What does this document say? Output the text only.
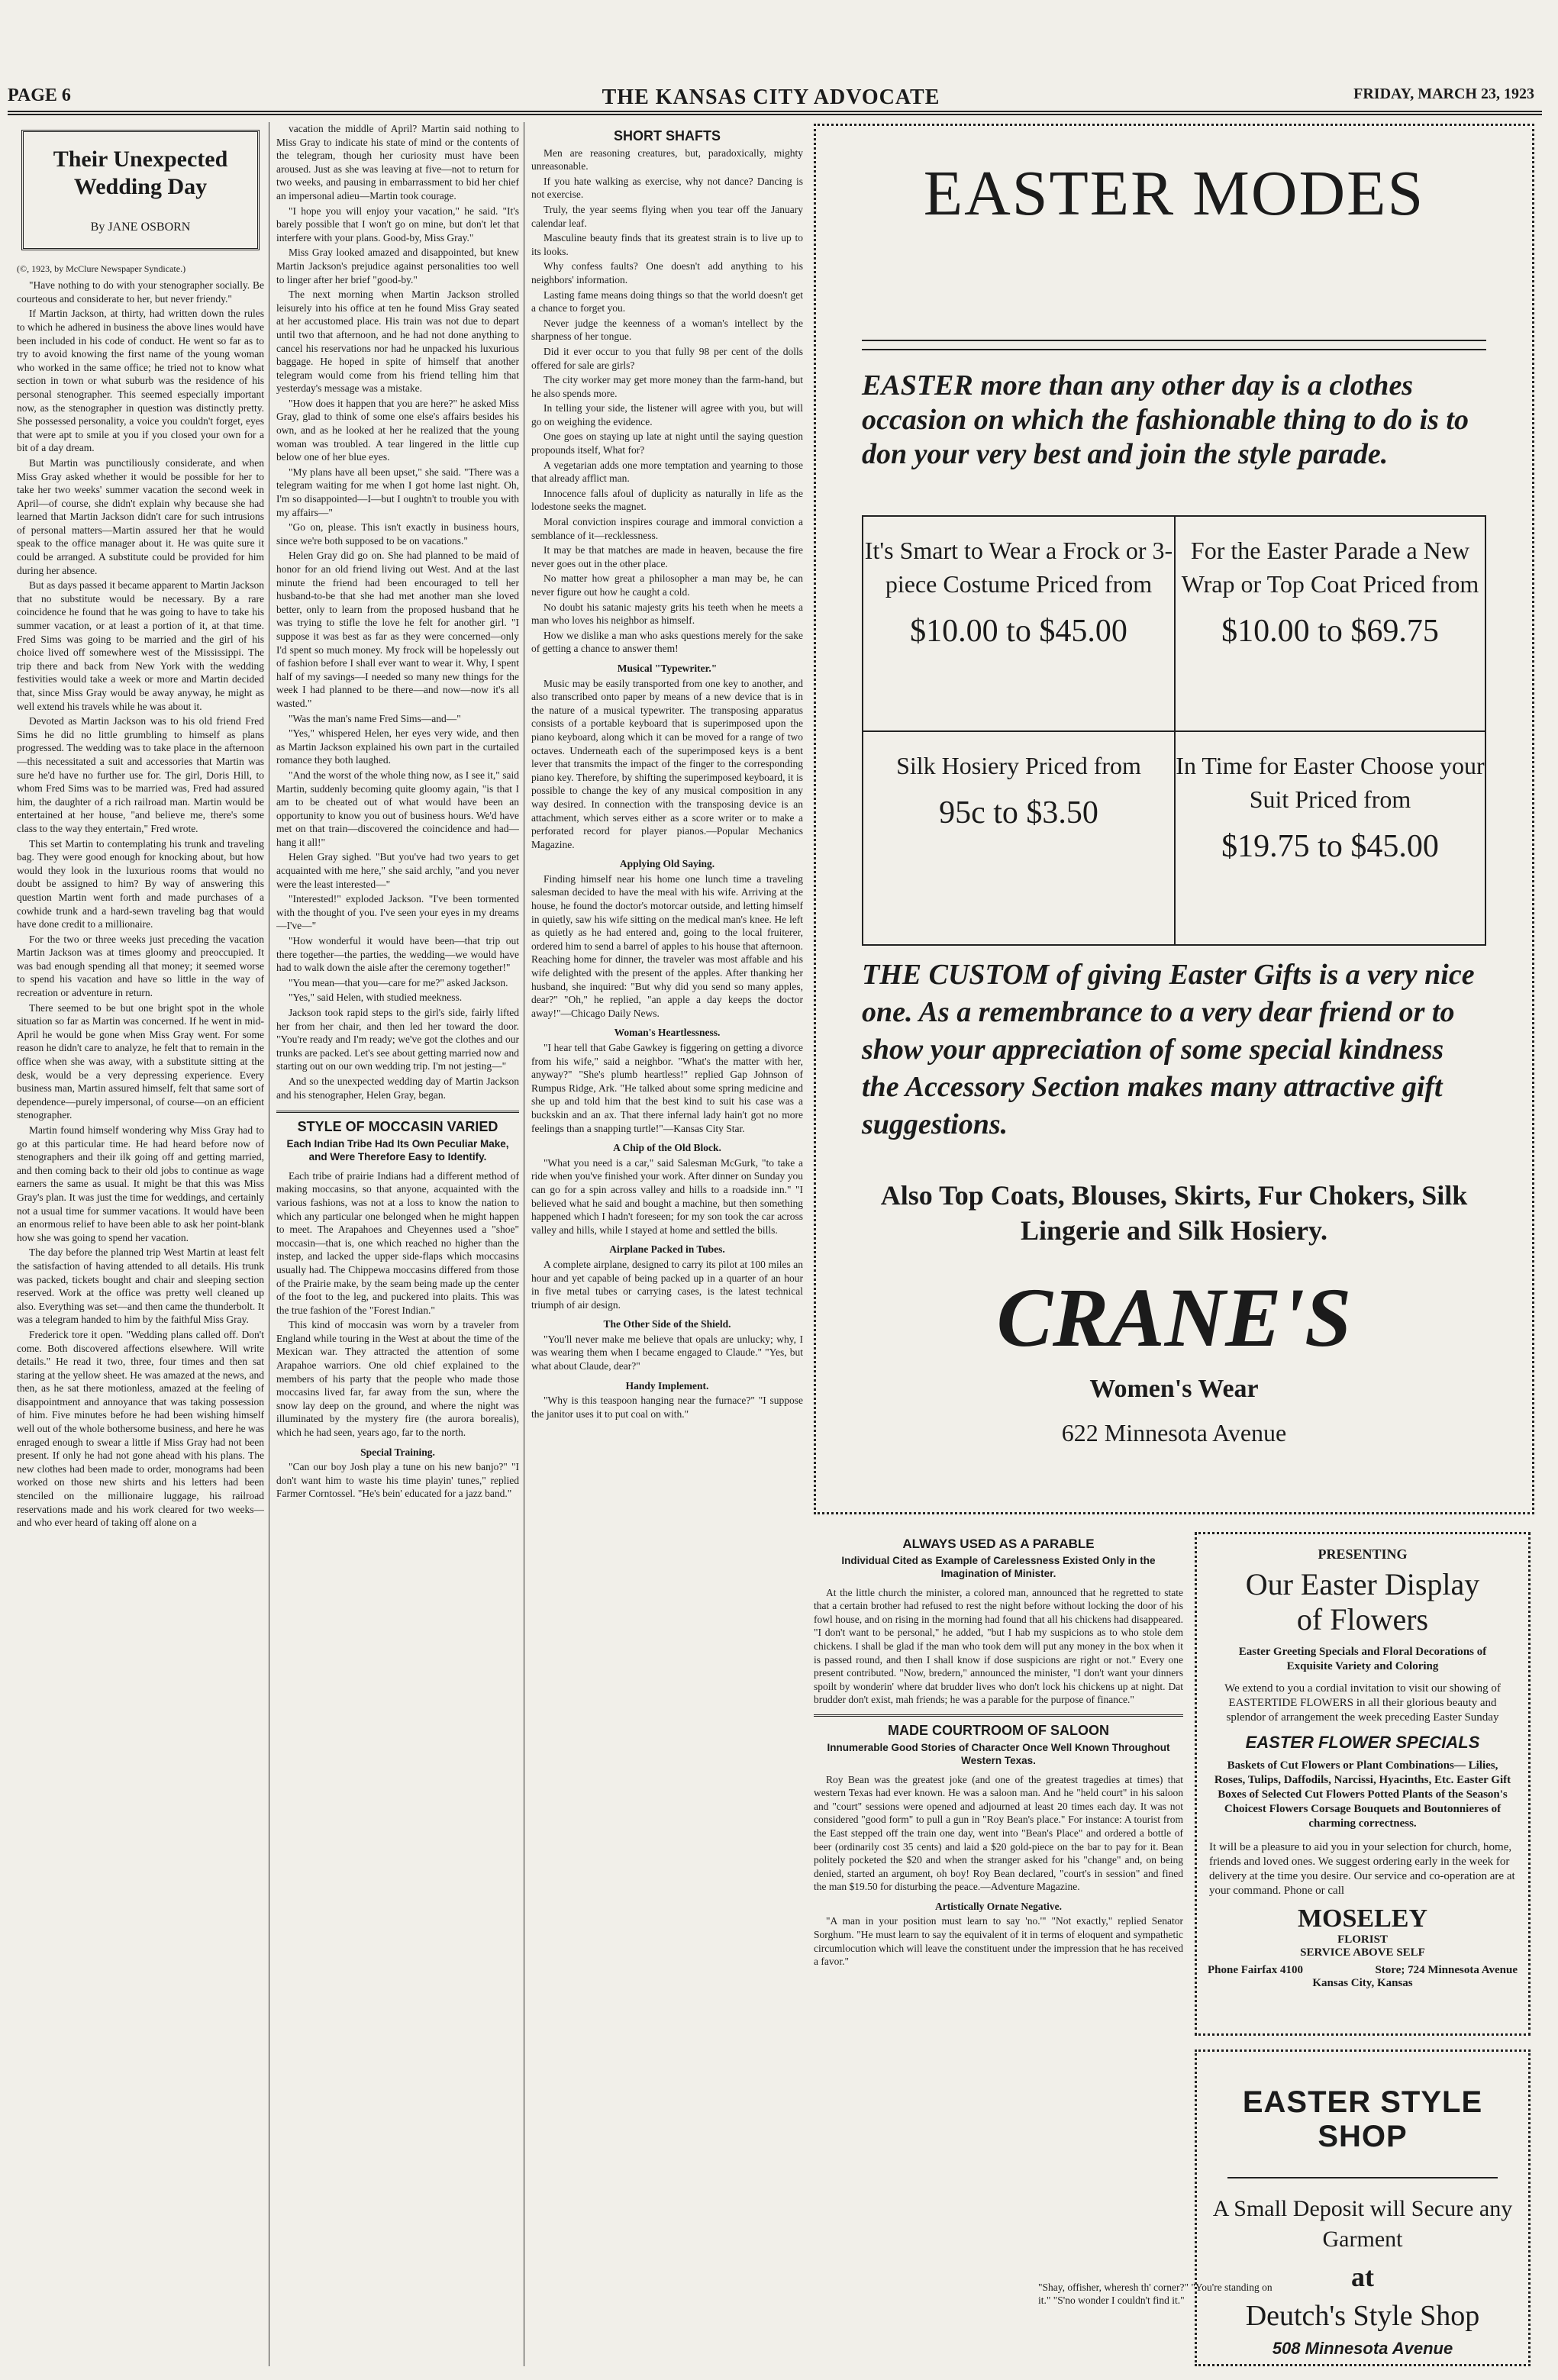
PAGE 6	THE KANSAS CITY ADVOCATE	FRIDAY, MARCH 23, 1923
Their Unexpected
Wedding Day
By JANE OSBORN
(©, 1923, by McClure Newspaper Syndicate.)

"Have nothing to do with your stenographer socially. Be courteous and considerate to her, but never friendy."

If Martin Jackson, at thirty, had written down the rules to which he adhered in business the above lines would have been included in his code of conduct. He went so far as to try to avoid knowing the first name of the young woman who worked in the same office; he tried not to know what section in town or what suburb was the residence of his personal stenographer. This seemed especially important now, as the stenographer in question was distinctly pretty. She possessed personality, a voice you couldn't forget, eyes that were apt to smile at you if you closed your own for a bit of a day dream.

But Martin was punctiliously considerate, and when Miss Gray asked whether it would be possible for her to take her two weeks' summer vacation the second week in April—of course, she didn't explain why because she had learned that Martin Jackson didn't care for such intrusions of personal matters—Martin assured her that he would speak to the office manager about it. He was quite sure it could be arranged. A substitute could be provided for him during her absence.

But as days passed it became apparent to Martin Jackson that no substitute would be necessary. By a rare coincidence he found that he was going to have to take his summer vacation, or at least a portion of it, at that time. Fred Sims was going to be married and the girl of his choice lived off somewhere west of the Mississippi. The trip there and back from New York with the wedding festivities would take a week or more and Martin decided that, since Miss Gray would be away anyway, he might as well extend his travels while he was about it.

Devoted as Martin Jackson was to his old friend Fred Sims he did no little grumbling to himself as plans progressed. The wedding was to take place in the afternoon—this necessitated a suit and accessories that Martin was sure he'd have no further use for. The girl, Doris Hill, to whom Fred Sims was to be married was, Fred had assured him, the daughter of a rich railroad man. Martin would be entertained at her house, "and believe me, there's some class to the way they entertain," Fred wrote.

This set Martin to contemplating his trunk and traveling bag. They were good enough for knocking about, but how would they look in the luxurious rooms that would no doubt be assigned to him? By way of answering this question Martin went forth and made purchases of a cowhide trunk and a hard-sewn traveling bag that would have done credit to a millionaire.

For the two or three weeks just preceding the vacation Martin Jackson was at times gloomy and preoccupied. It was bad enough spending all that money; it seemed worse to spend his vacation and have so little in the way of recreation or adventure in return.

There seemed to be but one bright spot in the whole situation so far as Martin was concerned. If he went in mid-April he would be gone when Miss Gray went. For some reason he didn't care to analyze, he felt that to remain in the office when she was away, with a substitute sitting at the desk, would be a very depressing experience. Every business man, Martin assured himself, felt that same sort of dependence—purely impersonal, of course—on an efficient stenographer.

Martin found himself wondering why Miss Gray had to go at this particular time. He had heard before now of stenographers and their ilk going off and getting married, and then coming back to their old jobs to continue as wage earners the same as usual. It might be that this was Miss Gray's plan. It was just the time for weddings, and certainly not a usual time for summer vacations. It would have been an enormous relief to have been able to ask her point-blank how she was going to spend her vacation.

The day before the planned trip West Martin at least felt the satisfaction of having attended to all details. His trunk was packed, tickets bought and chair and sleeping section reserved. Work at the office was pretty well cleaned up also. Everything was set—and then came the thunderbolt. It was a telegram handed to him by the faithful Miss Gray.

Frederick tore it open. "Wedding plans called off. Don't come. Both discovered affections elsewhere. Will write details." He read it two, three, four times and then sat staring at the yellow sheet. He was amazed at the news, and then, as he sat there motionless, amazed at the feeling of disappointment and annoyance that was taking possession of him. Five minutes before he had been wishing himself well out of the whole bothersome business, and here he was enraged enough to swear a little if Miss Gray had not been present. If only he had not gone ahead with his plans. The new clothes had been made to order, monograms had been worked on those new shirts and his letters had been stenciled on the millionaire luggage, his railroad reservations made and his work cleared for two weeks—and who ever heard of taking off alone on a

vacation the middle of April? Martin said nothing to Miss Gray to indicate his state of mind or the contents of the telegram, though her curiosity must have been aroused. Just as she was leaving at five—not to return for two weeks, and pausing in embarrassment to bid her chief an impersonal adieu—Martin took courage.

"I hope you will enjoy your vacation," he said. "It's barely possible that I won't go on mine, but don't let that interfere with your plans. Good-by, Miss Gray."

Miss Gray looked amazed and disappointed, but knew Martin Jackson's prejudice against personalities too well to linger after her brief "good-by."

The next morning when Martin Jackson strolled leisurely into his office at ten he found Miss Gray seated at her accustomed place. His train was not due to depart until two that afternoon, and he had not done anything to cancel his reservations nor had he unpacked his luxurious baggage. He hoped in spite of himself that another telegram would come from his friend telling him that yesterday's message was a mistake.

"How does it happen that you are here?" he asked Miss Gray, glad to think of some one else's affairs besides his own, and as he looked at her he realized that the young woman was troubled. A tear lingered in the little cup below one of her blue eyes.

"My plans have all been upset," she said. "There was a telegram waiting for me when I got home last night. Oh, I'm so disappointed—I—but I oughtn't to trouble you with my affairs—"

"Go on, please. This isn't exactly in business hours, since we're both supposed to be on vacations."

Helen Gray did go on. She had planned to be maid of honor for an old friend living out West. And at the last minute the friend had been encouraged to tell her husband-to-be that she had met another man she loved better, only to learn from the proposed husband that he was trying to stifle the love he felt for another girl. "I suppose it was best as far as they were concerned—only I'd spent so much money. My frock will be hopelessly out of fashion before I shall ever want to wear it. Why, I spent half of my savings—I needed so many new things for the week I had planned to be there—and now—now it's all wasted."

"Was the man's name Fred Sims—and—"

"Yes," whispered Helen, her eyes very wide, and then as Martin Jackson explained his own part in the curtailed romance they both laughed.

"And the worst of the whole thing now, as I see it," said Martin, suddenly becoming quite gloomy again, "is that I am to be cheated out of what would have been an opportunity to know you out of business hours. We'd have met on that train—discovered the coincidence and had—hang it all!"

Helen Gray sighed. "But you've had two years to get acquainted with me here," she said archly, "and you never were the least interested—"

"Interested!" exploded Jackson. "I've been tormented with the thought of you. I've seen your eyes in my dreams—I've—"

"How wonderful it would have been—that trip out there together—the parties, the wedding—we would have had to walk down the aisle after the ceremony together!"

"You mean—that you—care for me?" asked Jackson.

"Yes," said Helen, with studied meekness.

Jackson took rapid steps to the girl's side, fairly lifted her from her chair, and then led her toward the door. "You're ready and I'm ready; we've got the clothes and our trunks are packed. Let's see about getting married now and starting out on our own wedding trip. I'm not jesting—"

And so the unexpected wedding day of Martin Jackson and his stenographer, Helen Gray, began.

STYLE OF MOCCASIN VARIED
Each Indian Tribe Had Its Own Peculiar Make, and Were Therefore Easy to Identify.

Each tribe of prairie Indians had a different method of making moccasins, so that anyone, acquainted with the various fashions, was not at a loss to know the nation to which any particular one belonged when he might happen to meet. The Arapahoes and Cheyennes used a "shoe" moccasin—that is, one which reached no higher than the instep, and lacked the upper side-flaps which moccasins usually had. The Chippewa moccasins differed from those of the Prairie make, by the seam being made up the center of the foot to the leg, and puckered into plaits. This was the true fashion of the "Forest Indian."

This kind of moccasin was worn by a traveler from England while touring in the West at about the time of the Mexican war. They attracted the attention of some Arapahoe warriors. One old chief explained to the members of his party that the people who made those moccasins lived far, far away from the sun, where the snow lay deep on the ground, and where the night was illuminated by the mystery fire (the aurora borealis), which he had seen, years ago, far to the north.

Special Training.

"Can our boy Josh play a tune on his new banjo?" "I don't want him to waste his time playin' tunes," replied Farmer Corntossel. "He's bein' educated for a jazz band."

SHORT SHAFTS

Men are reasoning creatures, but, paradoxically, mighty unreasonable.

If you hate walking as exercise, why not dance? Dancing is not exercise.

Truly, the year seems flying when you tear off the January calendar leaf.

Masculine beauty finds that its greatest strain is to live up to its looks.

Why confess faults? One doesn't add anything to his neighbors' information.

Lasting fame means doing things so that the world doesn't get a chance to forget you.

Never judge the keenness of a woman's intellect by the sharpness of her tongue.

Did it ever occur to you that fully 98 per cent of the dolls offered for sale are girls?

The city worker may get more money than the farm-hand, but he also spends more.

In telling your side, the listener will agree with you, but will go on weighing the evidence.

One goes on staying up late at night until the saying question propounds itself, What for?

A vegetarian adds one more temptation and yearning to those that already afflict man.

Innocence falls afoul of duplicity as naturally in life as the lodestone seeks the magnet.

Moral conviction inspires courage and immoral conviction a semblance of it—recklessness.

It may be that matches are made in heaven, because the fire never goes out in the other place.

No matter how great a philosopher a man may be, he can never figure out how he caught a cold.

No doubt his satanic majesty grits his teeth when he meets a man who loves his neighbor as himself.

How we dislike a man who asks questions merely for the sake of getting a chance to answer them!

Musical "Typewriter."

Music may be easily transported from one key to another, and also transcribed onto paper by means of a new device that is in the nature of a musical typewriter. The transposing apparatus consists of a portable keyboard that is superimposed upon the piano keyboard, along which it can be moved for a range of two octaves. Underneath each of the superimposed keys is a bent lever that transmits the impact of the finger to the corresponding piano key. Therefore, by shifting the superimposed keyboard, it is possible to change the key of any musical composition in any way desired. In connection with the transposing device is an attachment, which serves either as a score writer or to make a perforated record for player pianos.—Popular Mechanics Magazine.

Applying Old Saying.

Finding himself near his home one lunch time a traveling salesman decided to have the meal with his wife. Arriving at the house, he found the doctor's motorcar outside, and letting himself in quietly, saw his wife sitting on the medical man's knee. He left as quietly as he had entered and, going to the local fruiterer, ordered him to send a barrel of apples to his house that afternoon. Reaching home for dinner, the traveler was most affable and his wife delighted with the present of the apples. After thanking her husband, she inquired: "But why did you send so many apples, dear?" "Oh," he replied, "an apple a day keeps the doctor away!"—Chicago Daily News.

Woman's Heartlessness.

"I hear tell that Gabe Gawkey is figgering on getting a divorce from his wife," said a neighbor. "What's the matter with her, anyway?" "She's plumb heartless!" replied Gap Johnson of Rumpus Ridge, Ark. "He talked about some spring medicine and she up and told him that the best kind to suit his case was a buckskin and an ax. That there infernal lady hain't got no more feelings than a snapping turtle!"—Kansas City Star.

A Chip of the Old Block.

"What you need is a car," said Salesman McGurk, "to take a ride when you've finished your work. After dinner on Sunday you can go for a spin across valley and hills to a roadside inn." "I believed what he said and bought a machine, but then something happened which I hadn't foreseen; for my son took the car across valley and hills, while I stayed at home and settled the bills.

Airplane Packed in Tubes.

A complete airplane, designed to carry its pilot at 100 miles an hour and yet capable of being packed up in a quarter of an hour in five metal tubes or carrying cases, is the latest technical triumph of air design.

The Other Side of the Shield.

"You'll never make me believe that opals are unlucky; why, I was wearing them when I became engaged to Claude." "Yes, but what about Claude, dear?"

Handy Implement.

"Why is this teaspoon hanging near the furnace?" "I suppose the janitor uses it to put coal on with."

EASTER MODES
EASTER more than any other day is a clothes occasion on which the fashionable thing to do is to don your very best and join the style parade.
It's Smart to Wear a Frock or 3-piece Costume Priced from
$10.00 to $45.00
For the Easter Parade a New Wrap or Top Coat Priced from
$10.00 to $69.75
Silk Hosiery Priced from
95c to $3.50
In Time for Easter Choose your Suit Priced from
$19.75 to $45.00
THE CUSTOM of giving Easter Gifts is a very nice one. As a remembrance to a very dear friend or to show your appreciation of some special kindness the Accessory Section makes many attractive gift suggestions.
Also Top Coats, Blouses, Skirts, Fur Chokers, Silk Lingerie and Silk Hosiery.
CRANE'S
Women's Wear
622 Minnesota Avenue
ALWAYS USED AS A PARABLE
Individual Cited as Example of Carelessness Existed Only in the Imagination of Minister.

At the little church the minister, a colored man, announced that he regretted to state that a certain brother had refused to rest the night before without locking the door of his fowl house, and on rising in the morning had found that all his chickens had disappeared. "I don't want to be personal," he added, "but I hab my suspicions as to who stole dem chickens. I shall be glad if the man who took dem will put any money in the box when it is passed round, and then I shall know if dose suspicions are right or not." Every one present contributed. "Now, bredern," announced the minister, "I don't want your dinners spoilt by wonderin' where dat brudder lives who don't lock his chickens up at night. Dat brudder don't exist, mah friends; he was a parable for the purpose of finance."

MADE COURTROOM OF SALOON
Innumerable Good Stories of Character Once Well Known Throughout Western Texas.

Roy Bean was the greatest joke (and one of the greatest tragedies at times) that western Texas had ever known. He was a saloon man. And he "held court" in his saloon and "court" sessions were opened and adjourned at least 20 times each day. It was not considered "good form" to pull a gun in "Roy Bean's place." For instance: A tourist from the East stepped off the train one day, went into "Bean's Place" and ordered a bottle of beer (ordinarily cost 35 cents) and laid a $20 gold-piece on the bar to pay for it. Bean politely pocketed the $20 and when the stranger asked for his "change" and, on being denied, started an argument, oh boy! Roy Bean declared, "court's in session" and fined the man $19.50 for disturbing the peace.—Adventure Magazine.

Artistically Ornate Negative.

"A man in your position must learn to say 'no.'" "Not exactly," replied Senator Sorghum. "He must learn to say the equivalent of it in terms of eloquent and sympathetic circumlocution which will leave the constituent under the impression that he has received a favor."

PRESENTING
Our Easter Display
of Flowers
Easter Greeting Specials and Floral Decorations of Exquisite Variety and Coloring
We extend to you a cordial invitation to visit our showing of EASTERTIDE FLOWERS in all their glorious beauty and splendor of arrangement the week preceding Easter Sunday
EASTER FLOWER SPECIALS
Baskets of Cut Flowers or Plant Combinations— Lilies, Roses, Tulips, Daffodils, Narcissi, Hyacinths, Etc. Easter Gift Boxes of Selected Cut Flowers Potted Plants of the Season's Choicest Flowers Corsage Bouquets and Boutonnieres of charming correctness.
It will be a pleasure to aid you in your selection for church, home, friends and loved ones. We suggest ordering early in the week for delivery at the time you desire. Our service and co-operation are at your command. Phone or call
MOSELEY
FLORIST
SERVICE ABOVE SELF
Phone Fairfax 4100	Store; 724 Minnesota Avenue
Kansas City, Kansas
EASTER STYLE SHOP
A Small Deposit will Secure any
Garment
at
Deutch's Style Shop
508 Minnesota Avenue
"Shay, offisher, wheresh th' corner?" "You're standing on it." "S'no wonder I couldn't find it."
